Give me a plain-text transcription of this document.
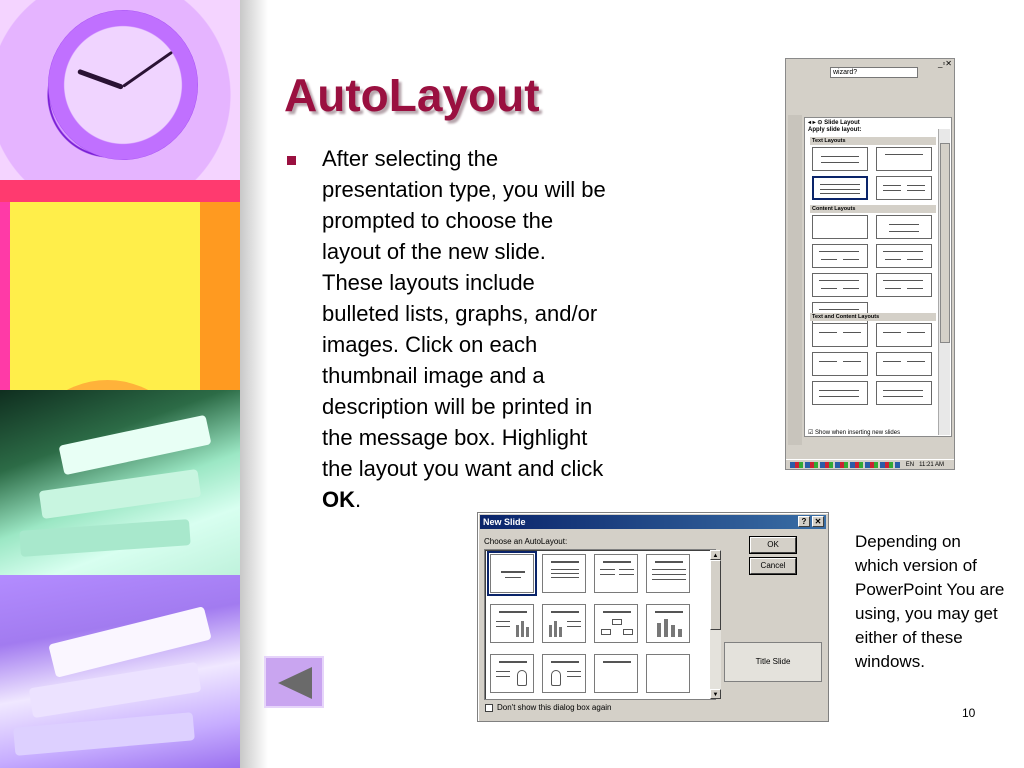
AutoLayout
After selecting the presentation type, you will be prompted to choose the layout of the new slide. These layouts include bulleted lists, graphs, and/or images. Click on each thumbnail image and a description will be printed in the message box. Highlight the layout you want and click OK.
wizard?
_▫✕
◂ ▸ ⊙ Slide Layout
Apply slide layout:
Text Layouts
Content Layouts
Text and Content Layouts
☑ Show when inserting new slides
EN 11:21 AM
New Slide	?	✕
Choose an AutoLayout:
▲
▼
OK
Cancel
Title Slide
Don't show this dialog box again
Depending on which version of PowerPoint You are using, you may get either of these windows.
10
